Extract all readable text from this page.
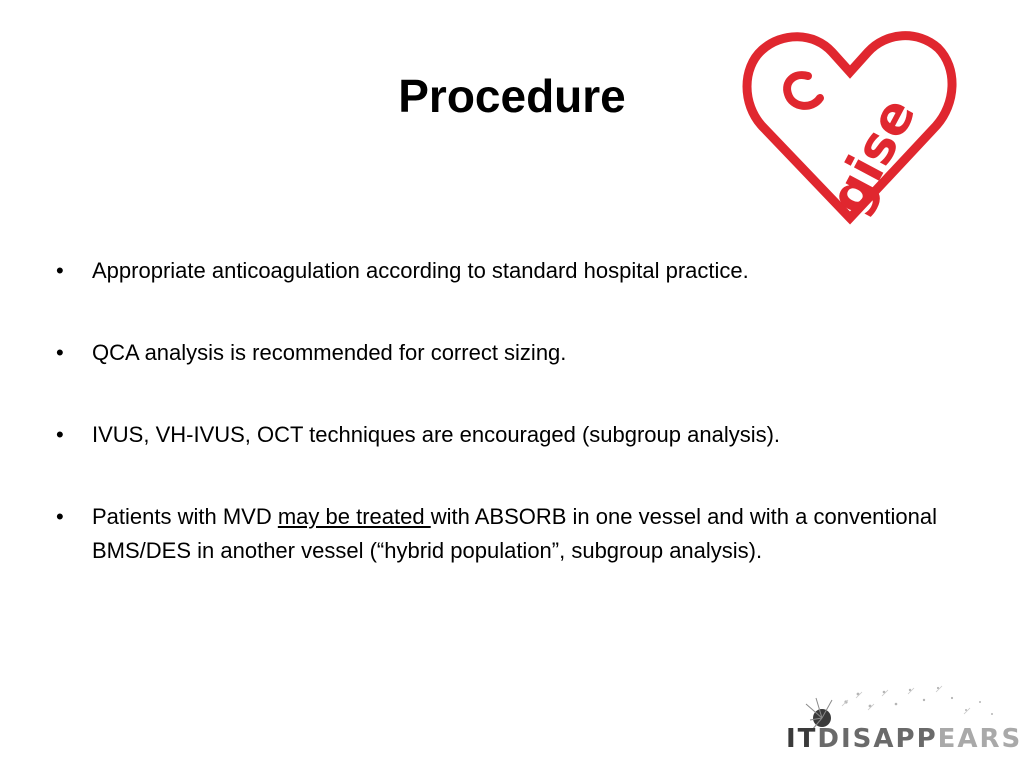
Procedure	gise
• Appropriate anticoagulation according to standard hospital practice.
• QCA analysis is recommended for correct sizing.
• IVUS, VH-IVUS, OCT techniques are encouraged (subgroup analysis).
• Patients with MVD may be treated with ABSORB in one vessel and with a conventional BMS/DES in another vessel (“hybrid population”, subgroup analysis).
ITDISAPPEARS
